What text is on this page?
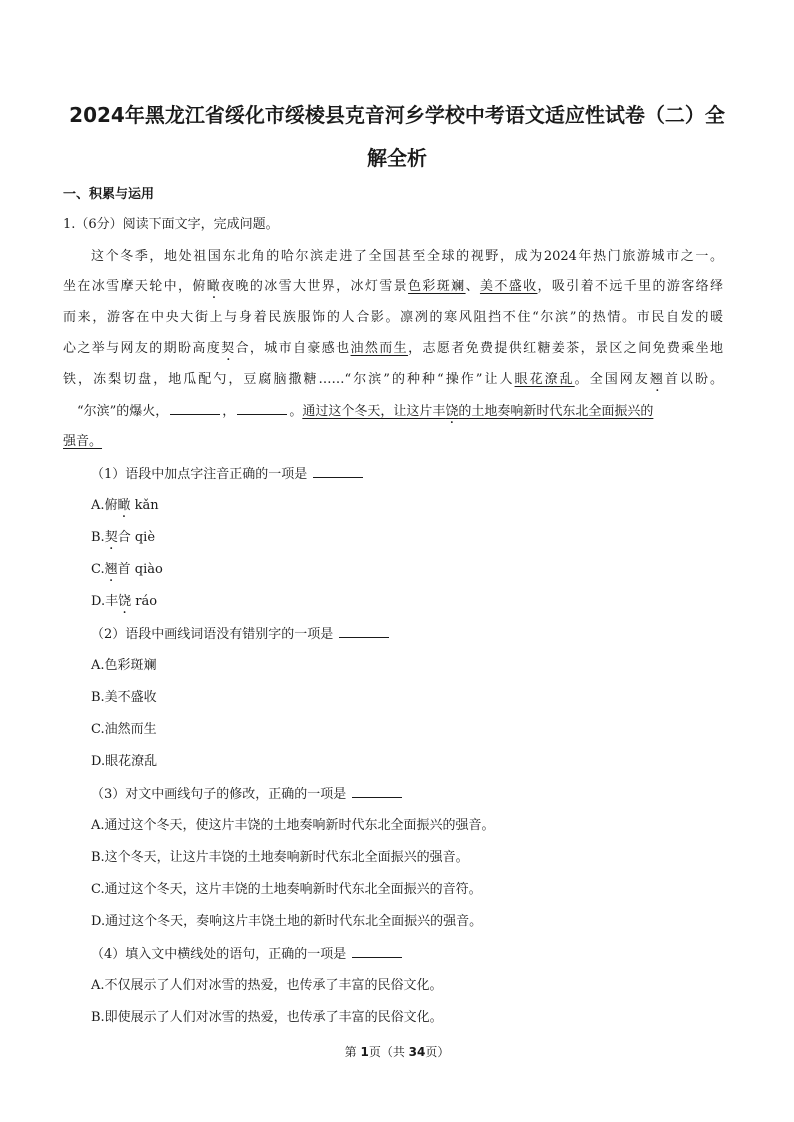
2024年黑龙江省绥化市绥棱县克音河乡学校中考语文适应性试卷（二）全
解全析
一、积累与运用
1.（6分）阅读下面文字，完成问题。
这个冬季，地处祖国东北角的哈尔滨走进了全国甚至全球的视野，成为2024年热门旅游城市之一。
坐在冰雪摩天轮中，俯瞰夜晚的冰雪大世界，冰灯雪景色彩斑斓、美不盛收，吸引着不远千里的游客络绎
而来，游客在中央大街上与身着民族服饰的人合影。凛冽的寒风阻挡不住“尔滨”的热情。市民自发的暖
心之举与网友的期盼高度契合，城市自豪感也油然而生，志愿者免费提供红糖姜茶，景区之间免费乘坐地
铁，冻梨切盘，地瓜配勺，豆腐脑撒糖……“尔滨”的种种“操作”让人眼花潦乱。全国网友翘首以盼。
“尔滨”的爆火，	，	。通过这个冬天，让这片丰饶的土地奏响新时代东北全面振兴的
强音。
（1）语段中加点字注音正确的一项是
A.俯瞰 kǎn
B.契合 qiè
C.翘首 qiào
D.丰饶 ráo
（2）语段中画线词语没有错别字的一项是
A.色彩斑斓
B.美不盛收
C.油然而生
D.眼花潦乱
（3）对文中画线句子的修改，正确的一项是
A.通过这个冬天，使这片丰饶的土地奏响新时代东北全面振兴的强音。
B.这个冬天，让这片丰饶的土地奏响新时代东北全面振兴的强音。
C.通过这个冬天，这片丰饶的土地奏响新时代东北全面振兴的音符。
D.通过这个冬天，奏响这片丰饶土地的新时代东北全面振兴的强音。
（4）填入文中横线处的语句，正确的一项是
A.不仅展示了人们对冰雪的热爱，也传承了丰富的民俗文化。
B.即使展示了人们对冰雪的热爱，也传承了丰富的民俗文化。
第 1页（共 34页）
